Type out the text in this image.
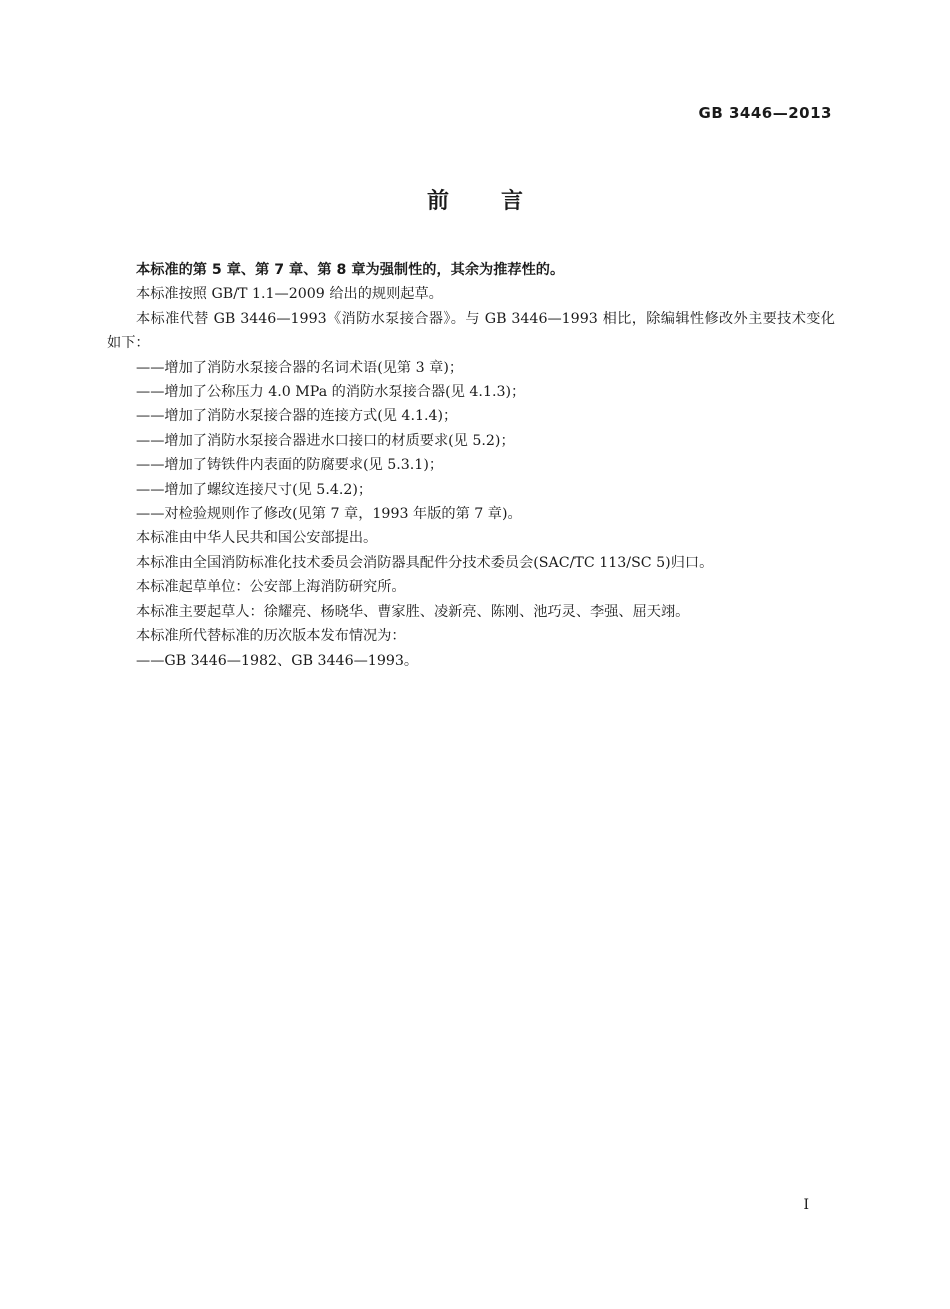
GB 3446—2013
前言

本标准的第 5 章、第 7 章、第 8 章为强制性的，其余为推荐性的。

本标准按照 GB/T 1.1—2009 给出的规则起草。

本标准代替 GB 3446—1993《消防水泵接合器》。与 GB 3446—1993 相比，除编辑性修改外主要技术变化如下：

——增加了消防水泵接合器的名词术语(见第 3 章)；

——增加了公称压力 4.0 MPa 的消防水泵接合器(见 4.1.3)；

——增加了消防水泵接合器的连接方式(见 4.1.4)；

——增加了消防水泵接合器进水口接口的材质要求(见 5.2)；

——增加了铸铁件内表面的防腐要求(见 5.3.1)；

——增加了螺纹连接尺寸(见 5.4.2)；

——对检验规则作了修改(见第 7 章，1993 年版的第 7 章)。

本标准由中华人民共和国公安部提出。

本标准由全国消防标准化技术委员会消防器具配件分技术委员会(SAC/TC 113/SC 5)归口。

本标准起草单位：公安部上海消防研究所。

本标准主要起草人：徐耀亮、杨晓华、曹家胜、凌新亮、陈刚、池巧灵、李强、屈天翊。

本标准所代替标准的历次版本发布情况为：

——GB 3446—1982、GB 3446—1993。

I
